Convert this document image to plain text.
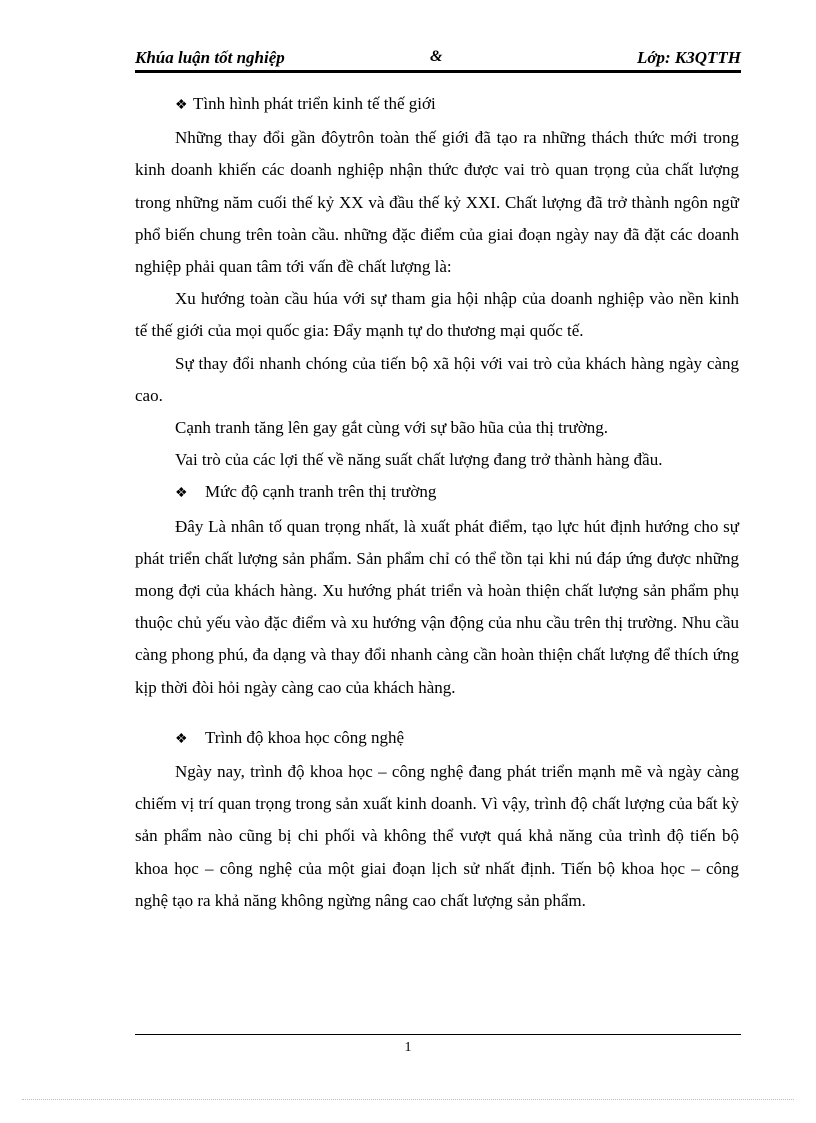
Khúa luận tốt nghiệp	&	Lớp: K3QTTH

❖ Tình hình phát triển kinh tế thế giới

Những thay đổi gần đôytrôn toàn thế giới đã tạo ra những thách thức mới trong kinh doanh khiến các doanh nghiệp nhận thức được vai trò quan trọng của chất lượng trong những năm cuối thế kỷ XX và đầu thế kỷ XXI. Chất lượng đã trở thành ngôn ngữ phổ biến chung trên toàn cầu. những đặc điểm của giai đoạn ngày nay đã đặt các doanh nghiệp phải quan tâm tới vấn đề chất lượng là:

Xu hướng toàn cầu húa với sự tham gia hội nhập của doanh nghiệp vào nền kinh tế thế giới của mọi quốc gia: Đẩy mạnh tự do thương mại quốc tế.

Sự thay đổi nhanh chóng của tiến bộ xã hội với vai trò của khách hàng ngày càng cao.

Cạnh tranh tăng lên gay gắt cùng với sự bão hũa của thị trường.

Vai trò của các lợi thế về năng suất chất lượng đang trở thành hàng đầu.

❖ Mức độ cạnh tranh trên thị trường

Đây Là nhân tố quan trọng nhất, là xuất phát điểm, tạo lực hút định hướng cho sự phát triển chất lượng sản phẩm. Sản phẩm chỉ có thể tồn tại khi nú đáp ứng được những mong đợi của khách hàng. Xu hướng phát triển và hoàn thiện chất lượng sản phẩm phụ thuộc chủ yếu vào đặc điểm và xu hướng vận động của nhu cầu trên thị trường. Nhu cầu càng phong phú, đa dạng và thay đổi nhanh càng cần hoàn thiện chất lượng để thích ứng kịp thời đòi hỏi ngày càng cao của khách hàng.

❖ Trình độ khoa học công nghệ

Ngày nay, trình độ khoa học – công nghệ đang phát triển mạnh mẽ và ngày càng chiếm vị trí quan trọng trong sản xuất kinh doanh. Vì vậy, trình độ chất lượng của bất kỳ sản phẩm nào cũng bị chi phối và không thể vượt quá khả năng của trình độ tiến bộ khoa học – công nghệ của một giai đoạn lịch sử nhất định. Tiến bộ khoa học – công nghệ tạo ra khả năng không ngừng nâng cao chất lượng sản phẩm.

1
